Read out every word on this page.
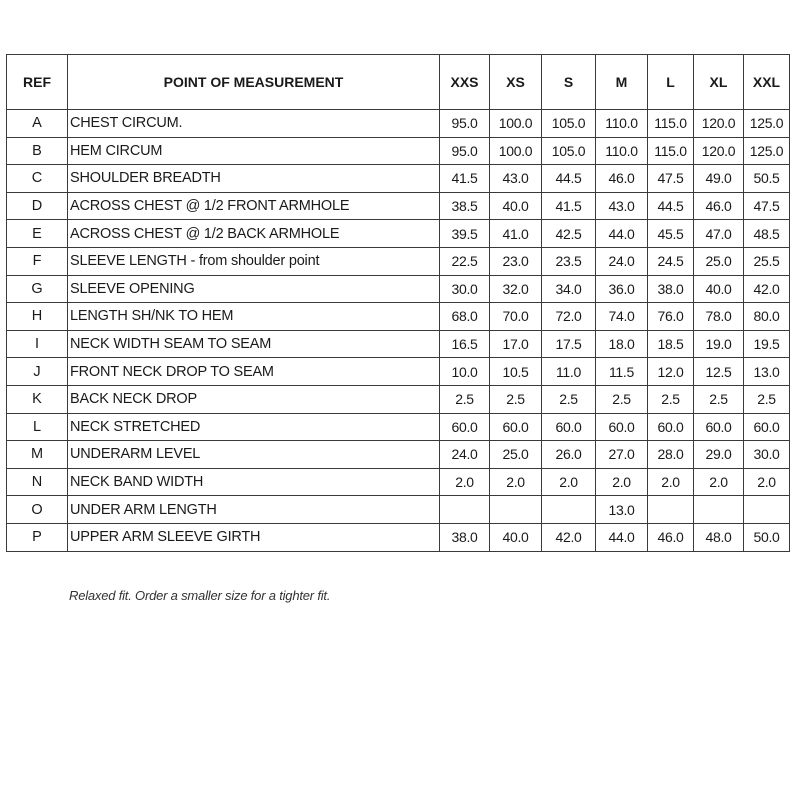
REF	POINT OF MEASUREMENT	XXS	XS	S	M	L	XL	XXL
A	CHEST CIRCUM.	95.0	100.0	105.0	110.0	115.0	120.0	125.0
B	HEM CIRCUM	95.0	100.0	105.0	110.0	115.0	120.0	125.0
C	SHOULDER BREADTH	41.5	43.0	44.5	46.0	47.5	49.0	50.5
D	ACROSS CHEST @ 1/2 FRONT ARMHOLE	38.5	40.0	41.5	43.0	44.5	46.0	47.5
E	ACROSS CHEST @ 1/2 BACK ARMHOLE	39.5	41.0	42.5	44.0	45.5	47.0	48.5
F	SLEEVE LENGTH - from shoulder point	22.5	23.0	23.5	24.0	24.5	25.0	25.5
G	SLEEVE OPENING	30.0	32.0	34.0	36.0	38.0	40.0	42.0
H	LENGTH SH/NK TO HEM	68.0	70.0	72.0	74.0	76.0	78.0	80.0
I	NECK WIDTH SEAM TO SEAM	16.5	17.0	17.5	18.0	18.5	19.0	19.5
J	FRONT NECK DROP TO SEAM	10.0	10.5	11.0	11.5	12.0	12.5	13.0
K	BACK NECK DROP	2.5	2.5	2.5	2.5	2.5	2.5	2.5
L	NECK STRETCHED	60.0	60.0	60.0	60.0	60.0	60.0	60.0
M	UNDERARM LEVEL	24.0	25.0	26.0	27.0	28.0	29.0	30.0
N	NECK BAND WIDTH	2.0	2.0	2.0	2.0	2.0	2.0	2.0
O	UNDER ARM LENGTH				13.0			
P	UPPER ARM SLEEVE GIRTH	38.0	40.0	42.0	44.0	46.0	48.0	50.0
Relaxed fit. Order a smaller size for a tighter fit.
